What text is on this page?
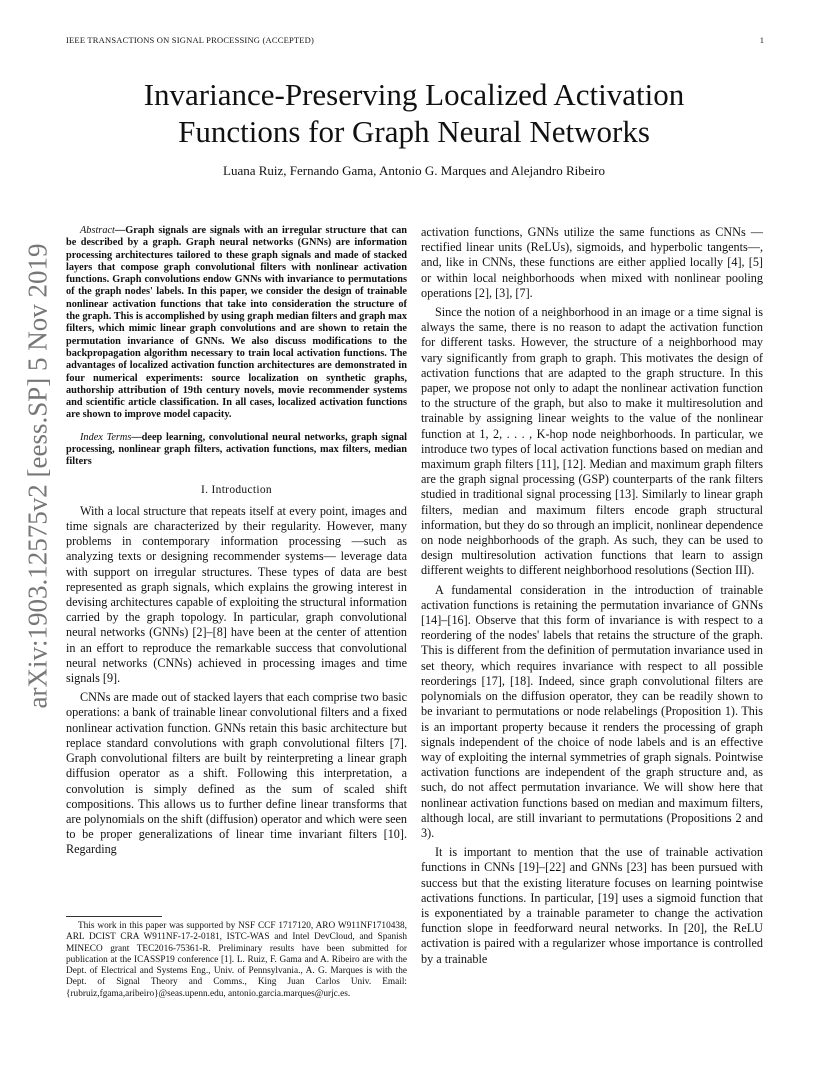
IEEE TRANSACTIONS ON SIGNAL PROCESSING (ACCEPTED)	1
arXiv:1903.12575v2 [eess.SP] 5 Nov 2019
Invariance-Preserving Localized Activation Functions for Graph Neural Networks
Luana Ruiz, Fernando Gama, Antonio G. Marques and Alejandro Ribeiro

Abstract—Graph signals are signals with an irregular structure that can be described by a graph. Graph neural networks (GNNs) are information processing architectures tailored to these graph signals and made of stacked layers that compose graph convolutional filters with nonlinear activation functions. Graph convolutions endow GNNs with invariance to permutations of the graph nodes' labels. In this paper, we consider the design of trainable nonlinear activation functions that take into consideration the structure of the graph. This is accomplished by using graph median filters and graph max filters, which mimic linear graph convolutions and are shown to retain the permutation invariance of GNNs. We also discuss modifications to the backpropagation algorithm necessary to train local activation functions. The advantages of localized activation function architectures are demonstrated in four numerical experiments: source localization on synthetic graphs, authorship attribution of 19th century novels, movie recommender systems and scientific article classification. In all cases, localized activation functions are shown to improve model capacity.

Index Terms—deep learning, convolutional neural networks, graph signal processing, nonlinear graph filters, activation functions, max filters, median filters

I. Introduction

With a local structure that repeats itself at every point, images and time signals are characterized by their regularity. However, many problems in contemporary information processing —such as analyzing texts or designing recommender systems— leverage data with support on irregular structures. These types of data are best represented as graph signals, which explains the growing interest in devising architectures capable of exploiting the structural information carried by the graph topology. In particular, graph convolutional neural networks (GNNs) [2]–[8] have been at the center of attention in an effort to reproduce the remarkable success that convolutional neural networks (CNNs) achieved in processing images and time signals [9].

CNNs are made out of stacked layers that each comprise two basic operations: a bank of trainable linear convolutional filters and a fixed nonlinear activation function. GNNs retain this basic architecture but replace standard convolutions with graph convolutional filters [7]. Graph convolutional filters are built by reinterpreting a linear graph diffusion operator as a shift. Following this interpretation, a convolution is simply defined as the sum of scaled shift compositions. This allows us to further define linear transforms that are polynomials on the shift (diffusion) operator and which were seen to be proper generalizations of linear time invariant filters [10]. Regarding

activation functions, GNNs utilize the same functions as CNNs —rectified linear units (ReLUs), sigmoids, and hyperbolic tangents—, and, like in CNNs, these functions are either applied locally [4], [5] or within local neighborhoods when mixed with nonlinear pooling operations [2], [3], [7].

Since the notion of a neighborhood in an image or a time signal is always the same, there is no reason to adapt the activation function for different tasks. However, the structure of a neighborhood may vary significantly from graph to graph. This motivates the design of activation functions that are adapted to the graph structure. In this paper, we propose not only to adapt the nonlinear activation function to the structure of the graph, but also to make it multiresolution and trainable by assigning linear weights to the value of the nonlinear function at 1, 2, . . . , K-hop node neighborhoods. In particular, we introduce two types of local activation functions based on median and maximum graph filters [11], [12]. Median and maximum graph filters are the graph signal processing (GSP) counterparts of the rank filters studied in traditional signal processing [13]. Similarly to linear graph filters, median and maximum filters encode graph structural information, but they do so through an implicit, nonlinear dependence on node neighborhoods of the graph. As such, they can be used to design multiresolution activation functions that learn to assign different weights to different neighborhood resolutions (Section III).

A fundamental consideration in the introduction of trainable activation functions is retaining the permutation invariance of GNNs [14]–[16]. Observe that this form of invariance is with respect to a reordering of the nodes' labels that retains the structure of the graph. This is different from the definition of permutation invariance used in set theory, which requires invariance with respect to all possible reorderings [17], [18]. Indeed, since graph convolutional filters are polynomials on the diffusion operator, they can be readily shown to be invariant to permutations or node relabelings (Proposition 1). This is an important property because it renders the processing of graph signals independent of the choice of node labels and is an effective way of exploiting the internal symmetries of graph signals. Pointwise activation functions are independent of the graph structure and, as such, do not affect permutation invariance. We will show here that nonlinear activation functions based on median and maximum filters, although local, are still invariant to permutations (Propositions 2 and 3).

It is important to mention that the use of trainable activation functions in CNNs [19]–[22] and GNNs [23] has been pursued with success but that the existing literature focuses on learning pointwise activations functions. In particular, [19] uses a sigmoid function that is exponentiated by a trainable parameter to change the activation function slope in feedforward neural networks. In [20], the ReLU activation is paired with a regularizer whose importance is controlled by a trainable

This work in this paper was supported by NSF CCF 1717120, ARO W911NF1710438, ARL DCIST CRA W911NF-17-2-0181, ISTC-WAS and Intel DevCloud, and Spanish MINECO grant TEC2016-75361-R. Preliminary results have been submitted for publication at the ICASSP19 conference [1]. L. Ruiz, F. Gama and A. Ribeiro are with the Dept. of Electrical and Systems Eng., Univ. of Pennsylvania., A. G. Marques is with the Dept. of Signal Theory and Comms., King Juan Carlos Univ. Email: {rubruiz,fgama,aribeiro}@seas.upenn.edu, antonio.garcia.marques@urjc.es.
